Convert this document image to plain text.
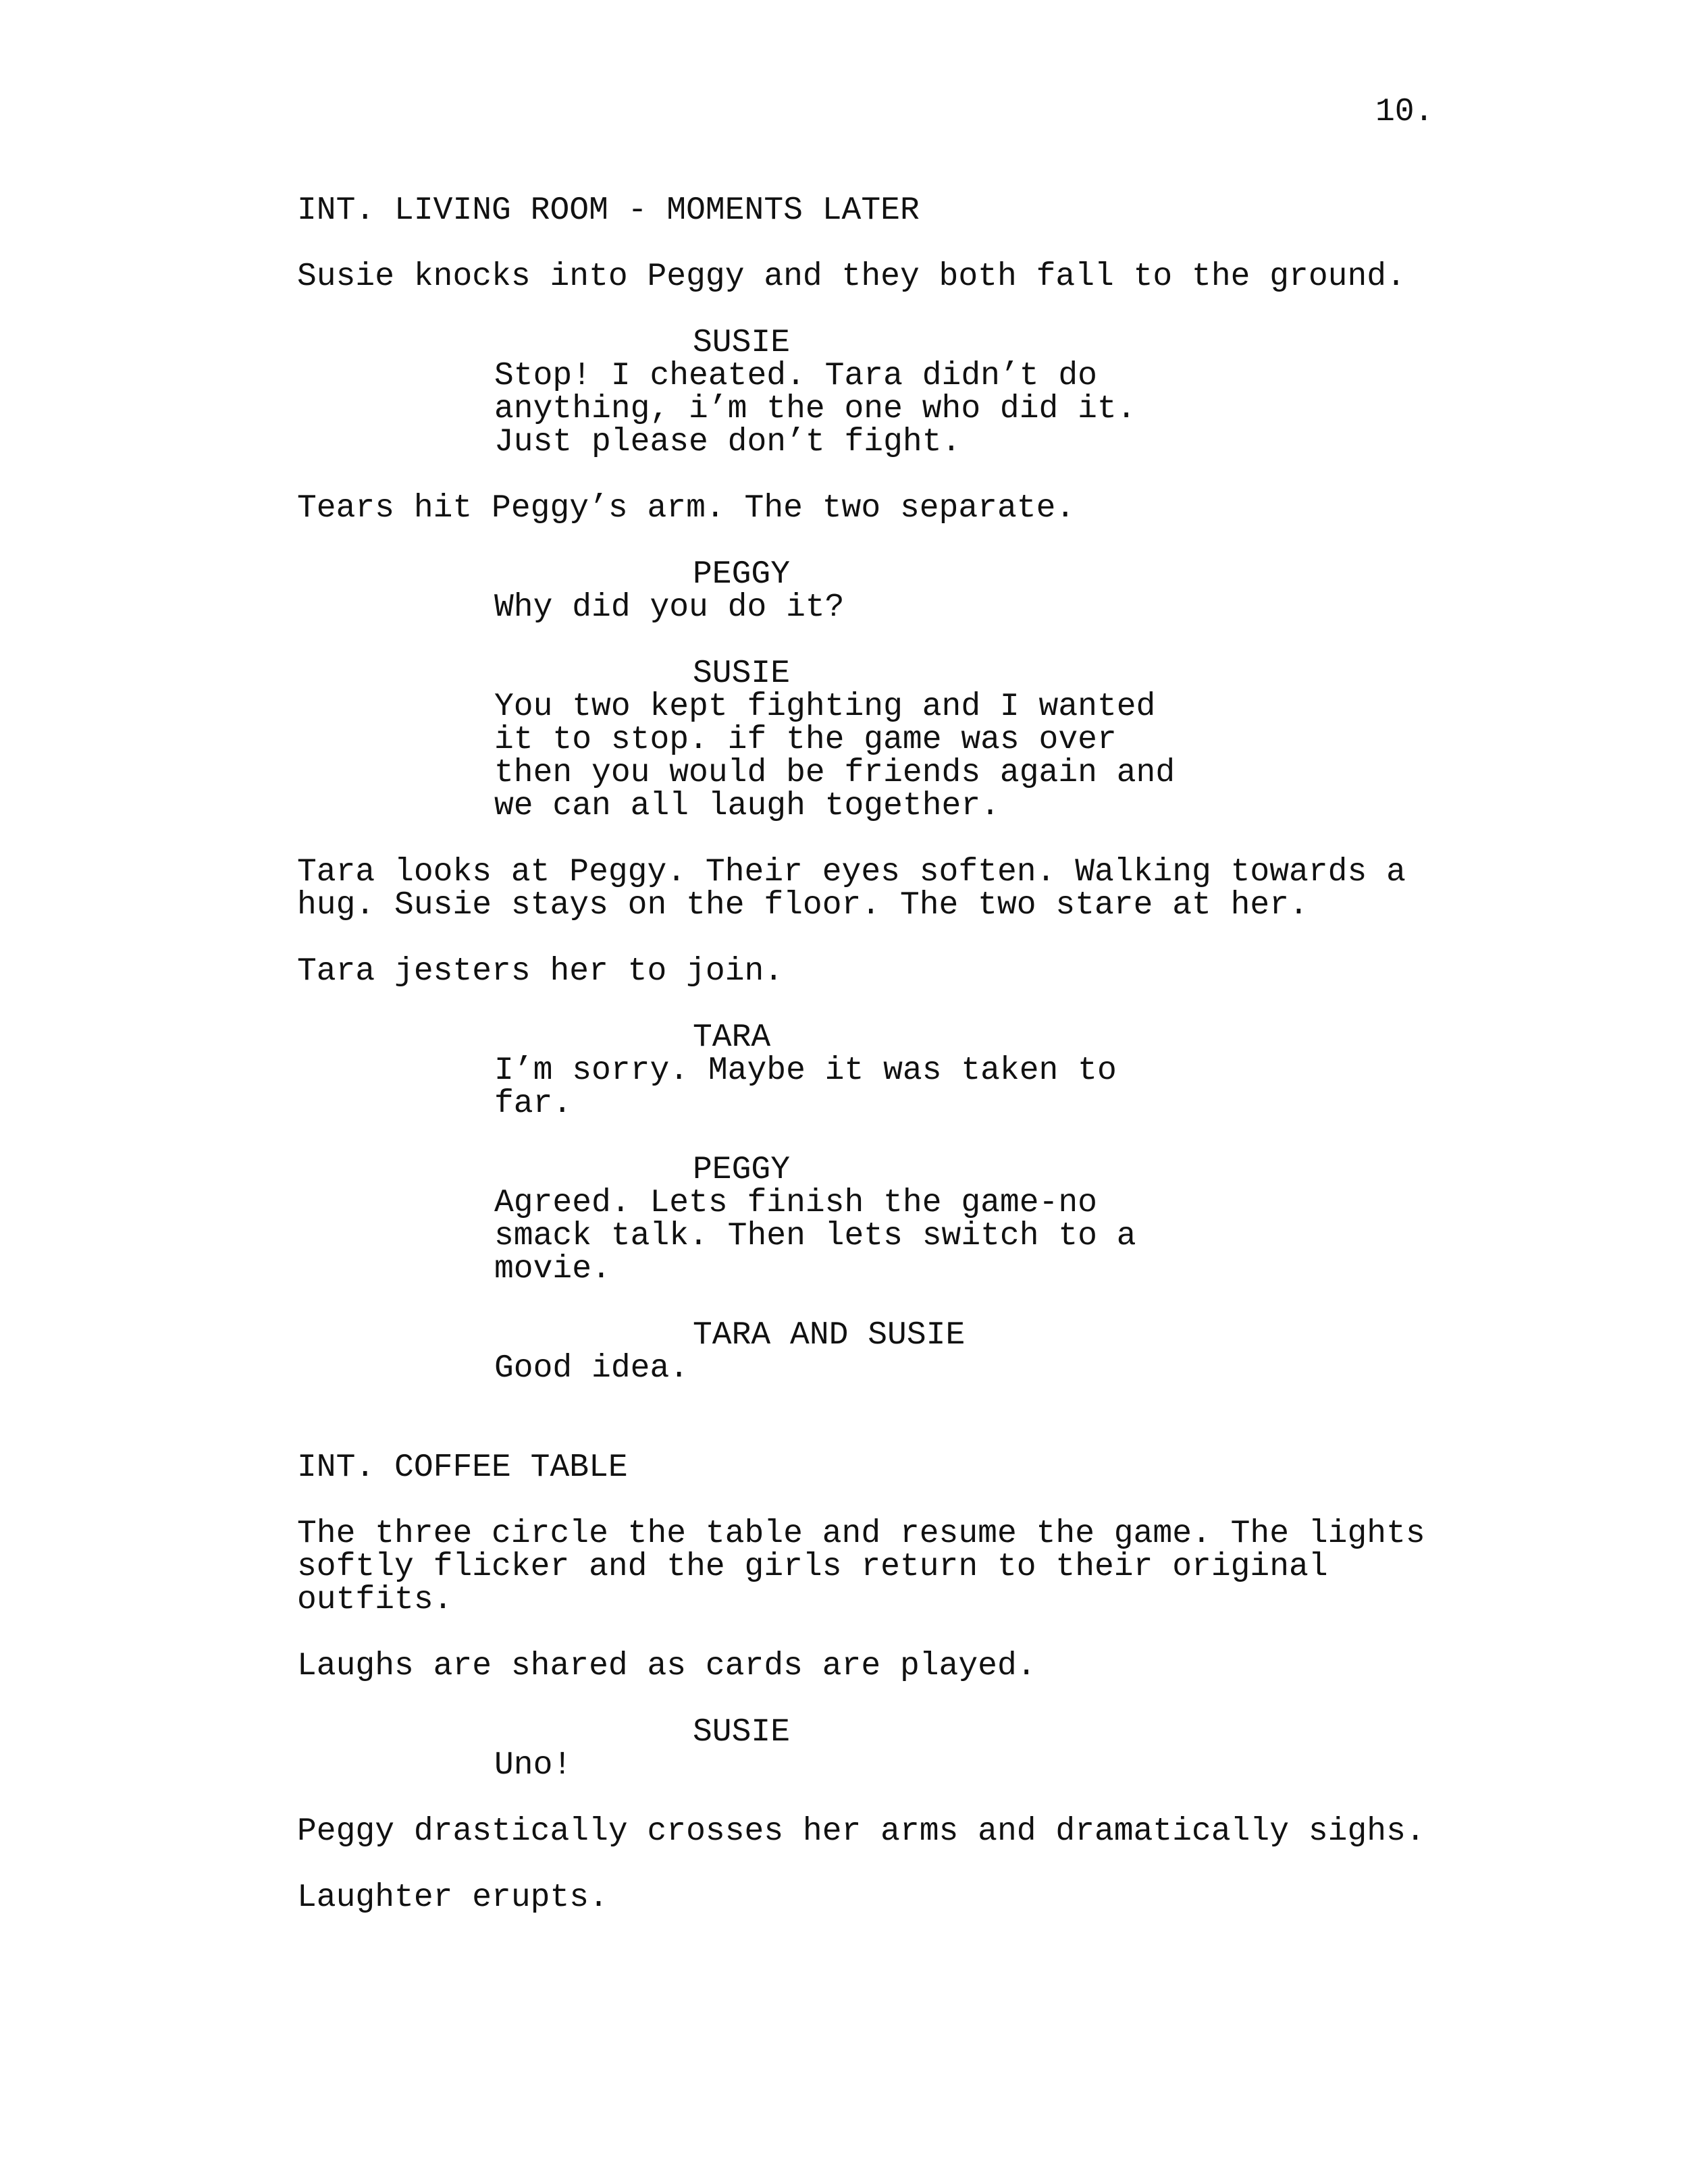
10.
INT. LIVING ROOM - MOMENTS LATER
Susie knocks into Peggy and they both fall to the ground.
SUSIE
Stop! I cheated. Tara didn’t do
anything, i’m the one who did it.
Just please don’t fight.
Tears hit Peggy’s arm. The two separate.
PEGGY
Why did you do it?
SUSIE
You two kept fighting and I wanted
it to stop. if the game was over
then you would be friends again and
we can all laugh together.
Tara looks at Peggy. Their eyes soften. Walking towards a
hug. Susie stays on the floor. The two stare at her.
Tara jesters her to join.
TARA
I’m sorry. Maybe it was taken to
far.
PEGGY
Agreed. Lets finish the game-no
smack talk. Then lets switch to a
movie.
TARA AND SUSIE
Good idea.
INT. COFFEE TABLE
The three circle the table and resume the game. The lights
softly flicker and the girls return to their original
outfits.
Laughs are shared as cards are played.
SUSIE
Uno!
Peggy drastically crosses her arms and dramatically sighs.
Laughter erupts.
